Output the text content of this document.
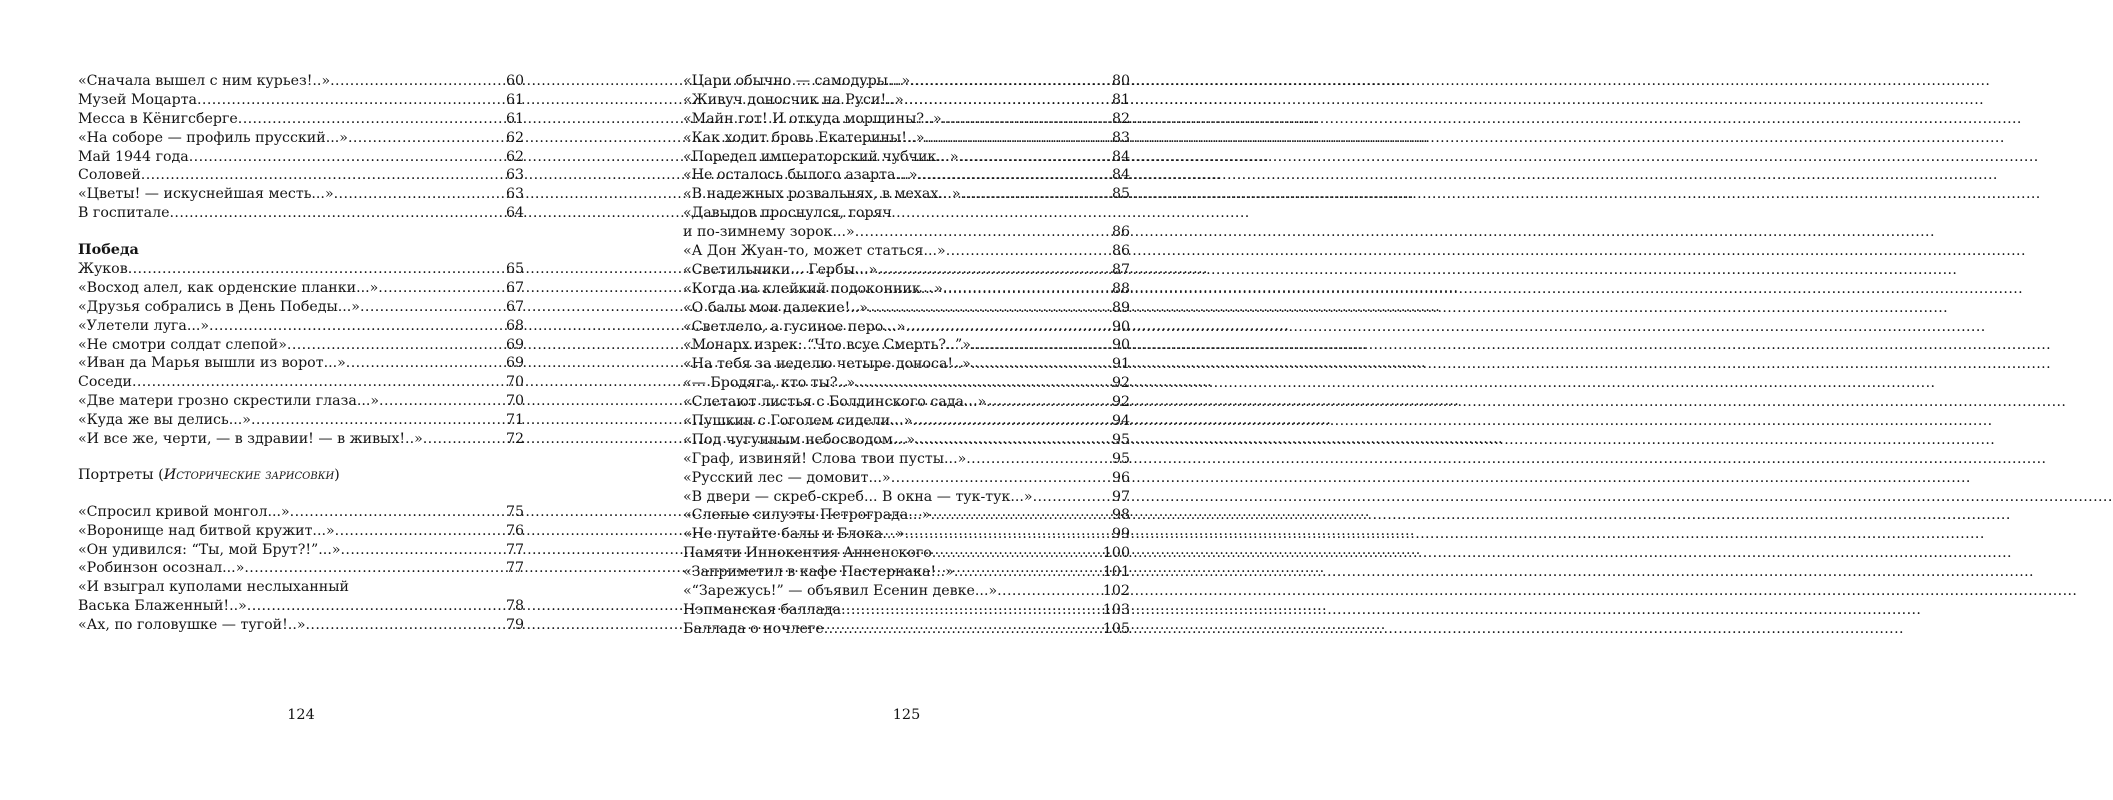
«Сначала вышел с ним курьез!..» .....	60
Музей Моцарта .....	61
Месса в Кёнигсберге .....	61
«На соборе — профиль прусский...» .....	62
Май 1944 года .....	62
Соловей .....	63
«Цветы! — искуснейшая месть...» .....	63
В госпитале .....	64
Победа
Жуков .....	65
«Восход алел, как орденские планки...» .....	67
«Друзья собрались в День Победы...» .....	67
«Улетели луга...» .....	68
«Не смотри солдат слепой» .....	69
«Иван да Марья вышли из ворот...» .....	69
Соседи .....	70
«Две матери грозно скрестили глаза...» .....	70
«Куда же вы делись...» .....	71
«И все же, черти, — в здравии! — в живых!..» .....	72
Портреты (Исторические зарисовки)
«Спросил кривой монгол...» .....	75
«Воронище над битвой кружит...» .....	76
«Он удивился: “Ты, мой Брут?!”...» .....	77
«Робинзон осознал...» .....	77
«И взыграл куполами неслыханный
Васька Блаженный!..» .....	78
«Ах, по головушке — тугой!..» .....	79
124
«Цари обычно — самодуры...» .....	80
«Живуч доносчик на Руси!..» .....	81
«Майн гот! И откуда морщины?..» .....	82
«Как ходит бровь Екатерины!..» .....	83
«Поредел императорский чубчик...» .....	84
«Не осталось былого азарта...» .....	84
«В надежных розвальнях, в мехах...» .....	85
«Давыдов проснулся, горяч
и по-зимнему зорок...» .....	86
«А Дон Жуан-то, может статься...» .....	86
«Светильники... Гербы...» .....	87
«Когда на клейкий подоконник...» .....	88
«О балы мои далекие!..» .....	89
«Светлело, а гусиное перо...» .....	90
«Монарх изрек: “Что всуе Смерть?..”» .....	90
«На тебя за неделю четыре доноса!..» .....	91
«— Бродяга, кто ты?..» .....	92
«Слетают листья с Болдинского сада...» .....	92
«Пушкин с Гоголем сидели...» .....	94
«Под чугунным небосводом...» .....	95
«Граф, извиняй! Слова твои пусты...» .....	95
«Русский лес — домовит...» .....	96
«В двери — скреб-скреб... В окна — тук-тук...» .....	97
«Слепые силуэты Петрограда...» .....	98
«Не путайте балы и Блока...» .....	99
Памяти Иннокентия Анненского .....	100
«Заприметил в кафе Пастернака!..» .....	101
«“Зарежусь!” — объявил Есенин девке...» .....	102
Нэпманская баллада .....	103
Баллада о ночлеге .....	105
125
